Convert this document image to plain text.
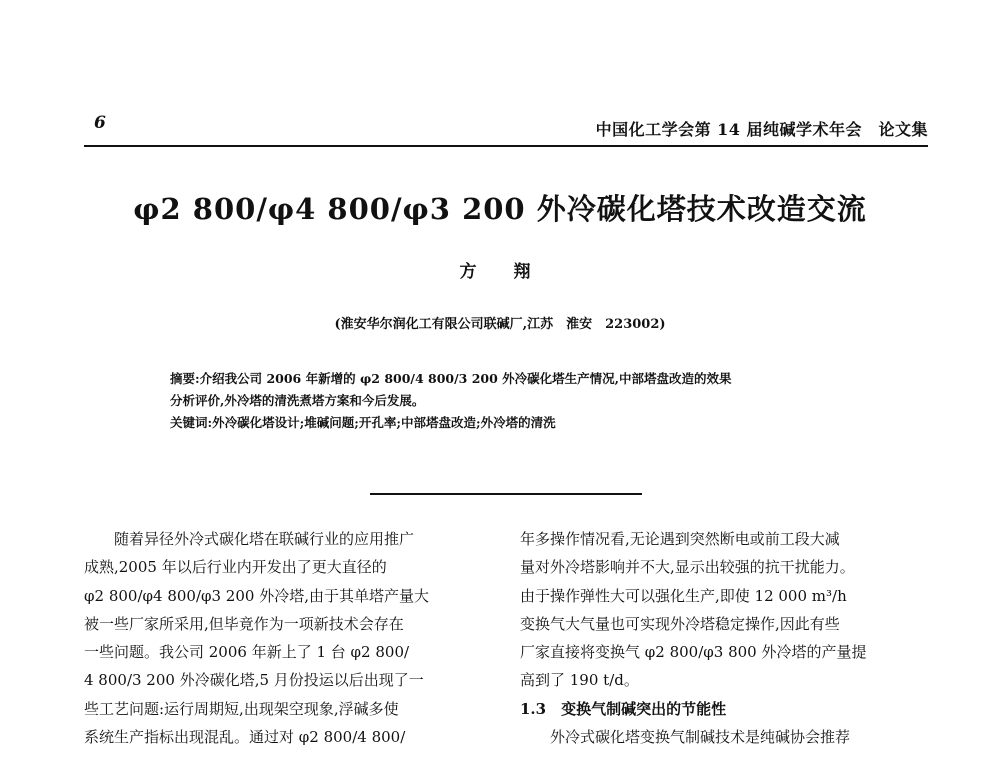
6	中国化工学会第 14 届纯碱学术年会　论文集
φ2 800/φ4 800/φ3 200 外冷碳化塔技术改造交流
方　翔
(淮安华尔润化工有限公司联碱厂,江苏　淮安　223002)
摘要:介绍我公司 2006 年新增的 φ2 800/4 800/3 200 外冷碳化塔生产情况,中部塔盘改造的效果
分析评价,外冷塔的清洗煮塔方案和今后发展。
关键词:外冷碳化塔设计;堆碱问题;开孔率;中部塔盘改造;外冷塔的清洗
随着异径外冷式碳化塔在联碱行业的应用推广
成熟,2005 年以后行业内开发出了更大直径的
φ2 800/φ4 800/φ3 200 外冷塔,由于其单塔产量大
被一些厂家所采用,但毕竟作为一项新技术会存在
一些问题。我公司 2006 年新上了 1 台 φ2 800/
4 800/3 200 外冷碳化塔,5 月份投运以后出现了一
些工艺问题:运行周期短,出现架空现象,浮碱多使
系统生产指标出现混乱。通过对 φ2 800/4 800/
年多操作情况看,无论遇到突然断电或前工段大减
量对外冷塔影响并不大,显示出较强的抗干扰能力。
由于操作弹性大可以强化生产,即使 12 000 m³/h
变换气大气量也可实现外冷塔稳定操作,因此有些
厂家直接将变换气 φ2 800/φ3 800 外冷塔的产量提
高到了 190 t/d。
1.3　变换气制碱突出的节能性
外冷式碳化塔变换气制碱技术是纯碱协会推荐
